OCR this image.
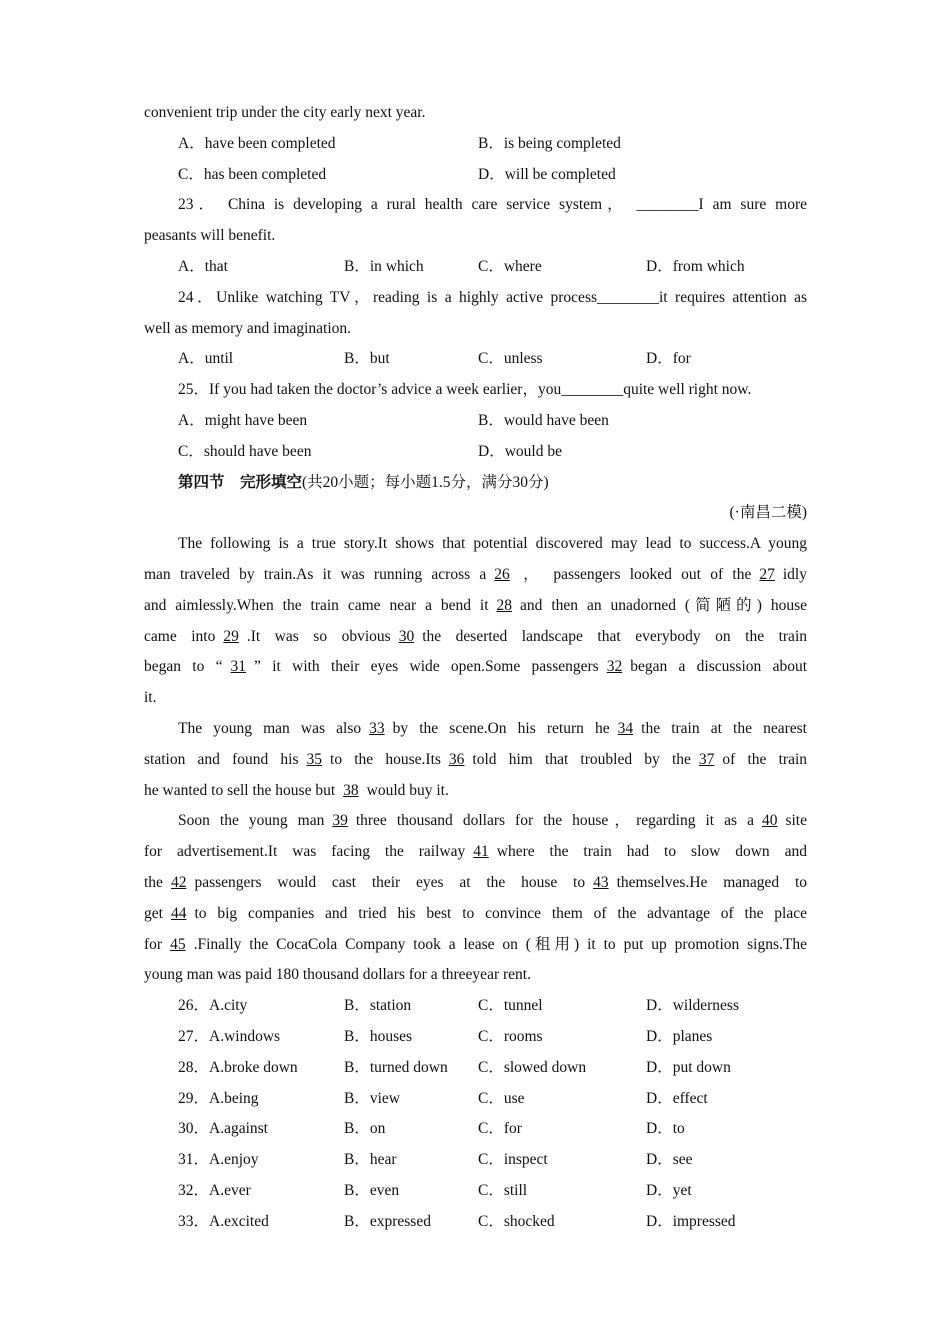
convenient trip under the city early next year.
A．have been completed	B．is being completed
C．has been completed	D．will be completed
23． China is developing a rural health care service system， ________I am sure more
peasants will benefit.
A．that	B．in which	C．where	D．from which
24．Unlike watching TV，reading is a highly active process________it requires attention as
well as memory and imagination.
A．until	B．but	C．unless	D．for
25．If you had taken the doctor’s advice a week earlier，you________quite well right now.
A．might have been	B．would have been
C．should have been	D．would be
第四节　完形填空(共20小题；每小题1.5分，满分30分)
(·南昌二模)
The following is a true story.It shows that potential discovered may lead to success.A young
man traveled by train.As it was running across a 26 ， passengers looked out of the 27 idly
and aimlessly.When the train came near a bend it 28 and then an unadorned (简陋的) house
came into 29 .It was so obvious 30 the deserted landscape that everybody on the train
began to “ 31 ” it with their eyes wide open.Some passengers 32 began a discussion about
it.
The young man was also 33 by the scene.On his return he 34 the train at the nearest
station and found his 35 to the house.Its 36 told him that troubled by the 37 of the train
he wanted to sell the house but 38 would buy it.
Soon the young man 39 three thousand dollars for the house，regarding it as a 40 site
for advertisement.It was facing the railway 41 where the train had to slow down and
the 42 passengers would cast their eyes at the house to 43 themselves.He managed to
get 44 to big companies and tried his best to convince them of the advantage of the place
for 45 .Finally the CocaCola Company took a lease on (租用) it to put up promotion signs.The
young man was paid 180 thousand dollars for a threeyear rent.
26．A.city	B．station	C．tunnel	D．wilderness
27．A.windows	B．houses	C．rooms	D．planes
28．A.broke down	B．turned down C．slowed down	D．put down
29．A.being	B．view	C．use	D．effect
30．A.against	B．on	C．for	D．to
31．A.enjoy	B．hear	C．inspect	D．see
32．A.ever	B．even	C．still	D．yet
33．A.excited	B．expressed	C．shocked	D．impressed
